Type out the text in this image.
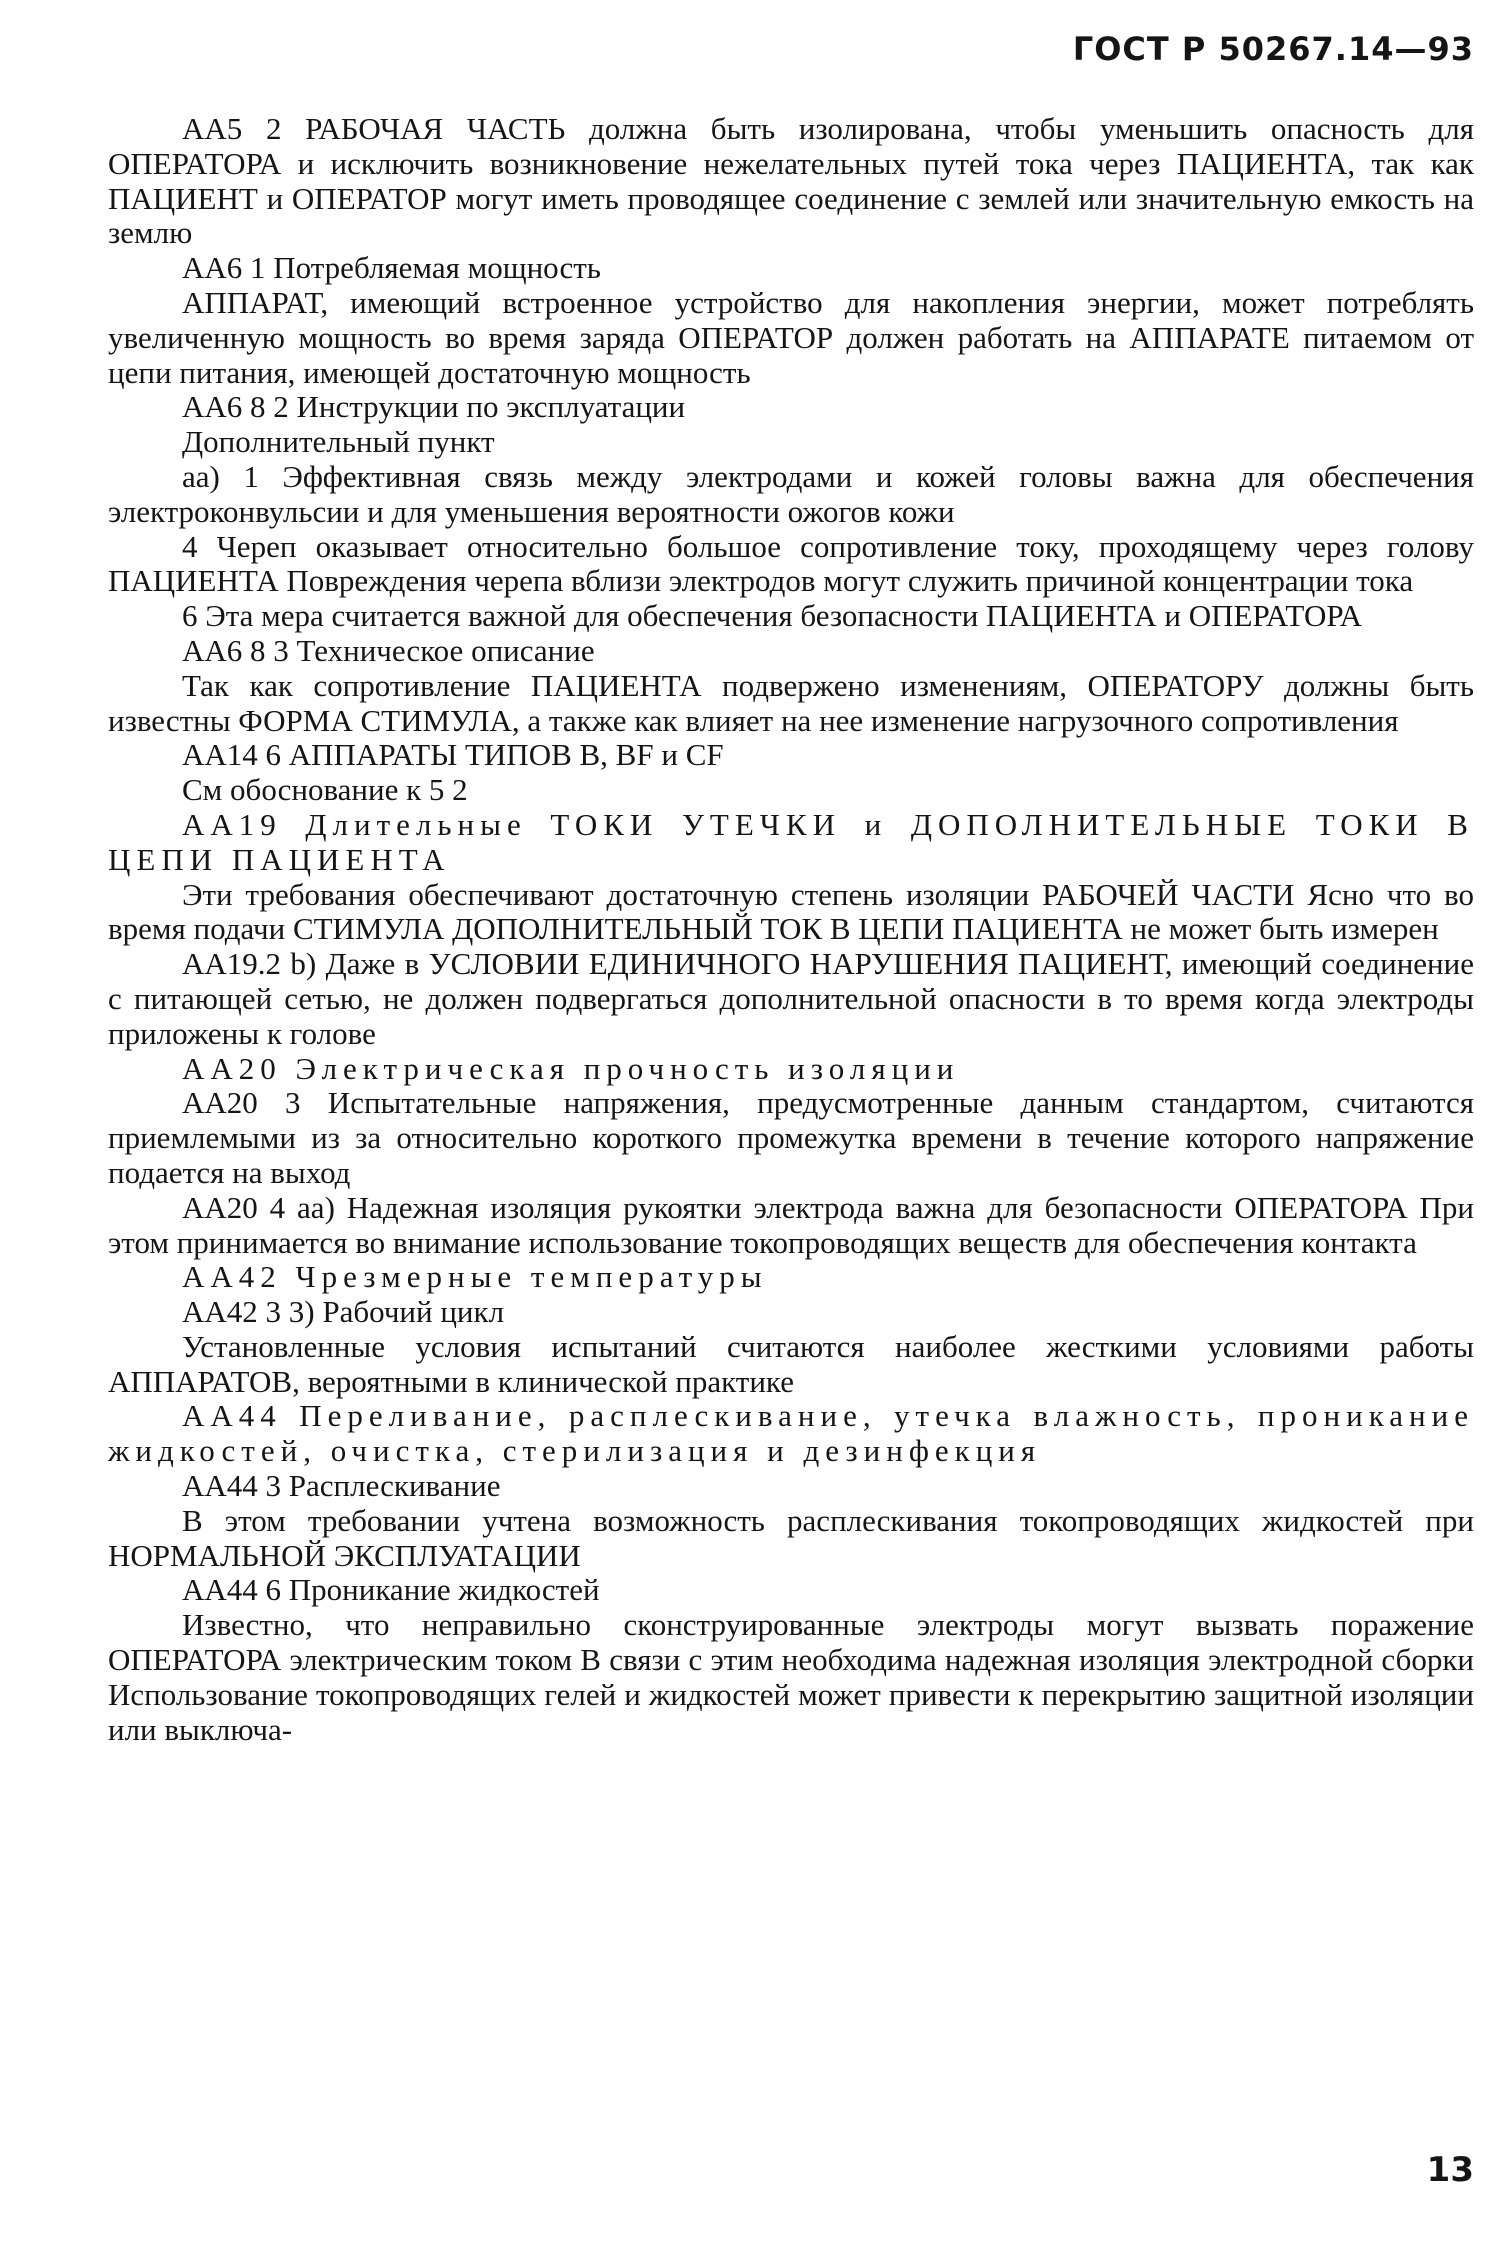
ГОСТ Р 50267.14—93

АА5 2 РАБОЧАЯ ЧАСТЬ должна быть изолирована, чтобы уменьшить опасность для ОПЕРАТОРА и исключить возникновение нежелательных путей тока через ПАЦИЕНТА, так как ПАЦИЕНТ и ОПЕРАТОР могут иметь проводящее соединение с землей или значительную емкость на землю

АА6 1 Потребляемая мощность

АППАРАТ, имеющий встроенное устройство для накопления энергии, может потреблять увеличенную мощность во время заряда ОПЕРАТОР должен работать на АППАРАТЕ питаемом от цепи питания, имеющей достаточную мощность

АА6 8 2 Инструкции по эксплуатации

Дополнительный пункт

аа) 1 Эффективная связь между электродами и кожей головы важна для обеспечения электроконвульсии и для уменьшения вероятности ожогов кожи

4 Череп оказывает относительно большое сопротивление току, проходящему через голову ПАЦИЕНТА Повреждения черепа вблизи электродов могут служить причиной концентрации тока

6 Эта мера считается важной для обеспечения безопасности ПАЦИЕНТА и ОПЕРАТОРА

АА6 8 3 Техническое описание

Так как сопротивление ПАЦИЕНТА подвержено изменениям, ОПЕРАТОРУ должны быть известны ФОРМА СТИМУЛА, а также как влияет на нее изменение нагрузочного сопротивления

АА14 6 АППАРАТЫ ТИПОВ В, BF и CF

См обоснование к 5 2

АА19 Длительные ТОКИ УТЕЧКИ и ДОПОЛНИТЕЛЬНЫЕ ТОКИ В ЦЕПИ ПАЦИЕНТА

Эти требования обеспечивают достаточную степень изоляции РАБОЧЕЙ ЧАСТИ Ясно что во время подачи СТИМУЛА ДОПОЛНИТЕЛЬНЫЙ ТОК В ЦЕПИ ПАЦИЕНТА не может быть измерен

АА19.2 b) Даже в УСЛОВИИ ЕДИНИЧНОГО НАРУШЕНИЯ ПАЦИЕНТ, имеющий соединение с питающей сетью, не должен подвергаться дополнительной опасности в то время когда электроды приложены к голове

АА20 Электрическая прочность изоляции

АА20 3 Испытательные напряжения, предусмотренные данным стандартом, считаются приемлемыми из за относительно короткого промежутка времени в течение которого напряжение подается на выход

АА20 4 аа) Надежная изоляция рукоятки электрода важна для безопасности ОПЕРАТОРА При этом принимается во внимание использование токопроводящих веществ для обеспечения контакта

АА42 Чрезмерные температуры

АА42 3 3) Рабочий цикл

Установленные условия испытаний считаются наиболее жесткими условиями работы АППАРАТОВ, вероятными в клинической практике

АА44 Переливание, расплескивание, утечка влажность, проникание жидкостей, очистка, стерилизация и дезинфекция

АА44 3 Расплескивание

В этом требовании учтена возможность расплескивания токопроводящих жидкостей при НОРМАЛЬНОЙ ЭКСПЛУАТАЦИИ

АА44 6 Проникание жидкостей

Известно, что неправильно сконструированные электроды могут вызвать поражение ОПЕРАТОРА электрическим током В связи с этим необходима надежная изоляция электродной сборки Использование токопроводящих гелей и жидкостей может привести к перекрытию защитной изоляции или выключа-

13
